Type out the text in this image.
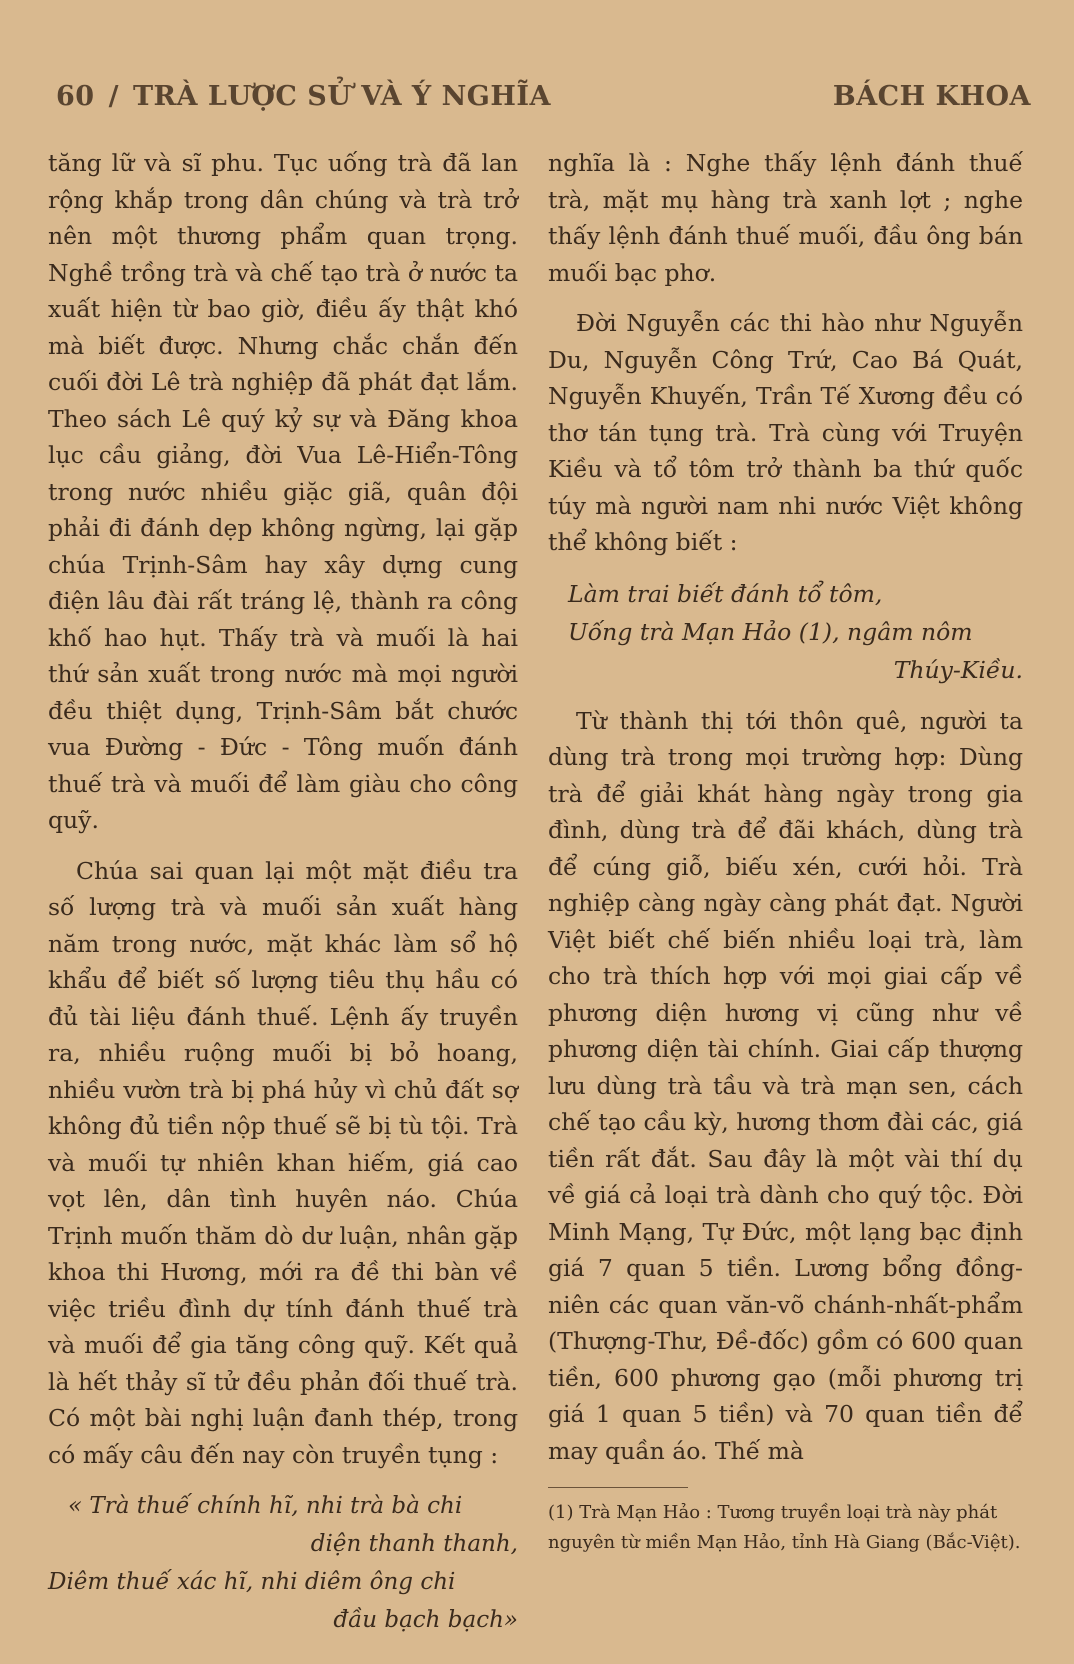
60 / TRÀ LƯỢC SỬ VÀ Ý NGHĨA	BÁCH KHOA

tăng lữ và sĩ phu. Tục uống trà đã lan rộng khắp trong dân chúng và trà trở nên một thương phẩm quan trọng. Nghề trồng trà và chế tạo trà ở nước ta xuất hiện từ bao giờ, điều ấy thật khó mà biết được. Nhưng chắc chắn đến cuối đời Lê trà nghiệp đã phát đạt lắm. Theo sách Lê quý kỷ sự và Đăng khoa lục cầu giảng, đời Vua Lê-Hiển-Tông trong nước nhiều giặc giã, quân đội phải đi đánh dẹp không ngừng, lại gặp chúa Trịnh-Sâm hay xây dựng cung điện lâu đài rất tráng lệ, thành ra công khố hao hụt. Thấy trà và muối là hai thứ sản xuất trong nước mà mọi người đều thiệt dụng, Trịnh-Sâm bắt chước vua Đường - Đức - Tông muốn đánh thuế trà và muối để làm giàu cho công quỹ.

Chúa sai quan lại một mặt điều tra số lượng trà và muối sản xuất hàng năm trong nước, mặt khác làm sổ hộ khẩu để biết số lượng tiêu thụ hầu có đủ tài liệu đánh thuế. Lệnh ấy truyền ra, nhiều ruộng muối bị bỏ hoang, nhiều vườn trà bị phá hủy vì chủ đất sợ không đủ tiền nộp thuế sẽ bị tù tội. Trà và muối tự nhiên khan hiếm, giá cao vọt lên, dân tình huyên náo. Chúa Trịnh muốn thăm dò dư luận, nhân gặp khoa thi Hương, mới ra đề thi bàn về việc triều đình dự tính đánh thuế trà và muối để gia tăng công quỹ. Kết quả là hết thảy sĩ tử đều phản đối thuế trà. Có một bài nghị luận đanh thép, trong có mấy câu đến nay còn truyền tụng :

« Trà thuế chính hĩ, nhi trà bà chi
diện thanh thanh,
Diêm thuế xác hĩ, nhi diêm ông chi
đầu bạch bạch»

nghĩa là : Nghe thấy lệnh đánh thuế trà, mặt mụ hàng trà xanh lợt ; nghe thấy lệnh đánh thuế muối, đầu ông bán muối bạc phơ.

Đời Nguyễn các thi hào như Nguyễn Du, Nguyễn Công Trứ, Cao Bá Quát, Nguyễn Khuyến, Trần Tế Xương đều có thơ tán tụng trà. Trà cùng với Truyện Kiều và tổ tôm trở thành ba thứ quốc túy mà người nam nhi nước Việt không thể không biết :

Làm trai biết đánh tổ tôm,
Uống trà Mạn Hảo (1), ngâm nôm
Thúy-Kiều.

Từ thành thị tới thôn quê, người ta dùng trà trong mọi trường hợp: Dùng trà để giải khát hàng ngày trong gia đình, dùng trà để đãi khách, dùng trà để cúng giỗ, biếu xén, cưới hỏi. Trà nghiệp càng ngày càng phát đạt. Người Việt biết chế biến nhiều loại trà, làm cho trà thích hợp với mọi giai cấp về phương diện hương vị cũng như về phương diện tài chính. Giai cấp thượng lưu dùng trà tầu và trà mạn sen, cách chế tạo cầu kỳ, hương thơm đài các, giá tiền rất đắt. Sau đây là một vài thí dụ về giá cả loại trà dành cho quý tộc. Đời Minh Mạng, Tự Đức, một lạng bạc định giá 7 quan 5 tiền. Lương bổng đồng-niên các quan văn-võ chánh-nhất-phẩm (Thượng-Thư, Đề-đốc) gồm có 600 quan tiền, 600 phương gạo (mỗi phương trị giá 1 quan 5 tiền) và 70 quan tiền để may quần áo. Thế mà

(1) Trà Mạn Hảo : Tương truyền loại trà này phát nguyên từ miền Mạn Hảo, tỉnh Hà Giang (Bắc-Việt).
